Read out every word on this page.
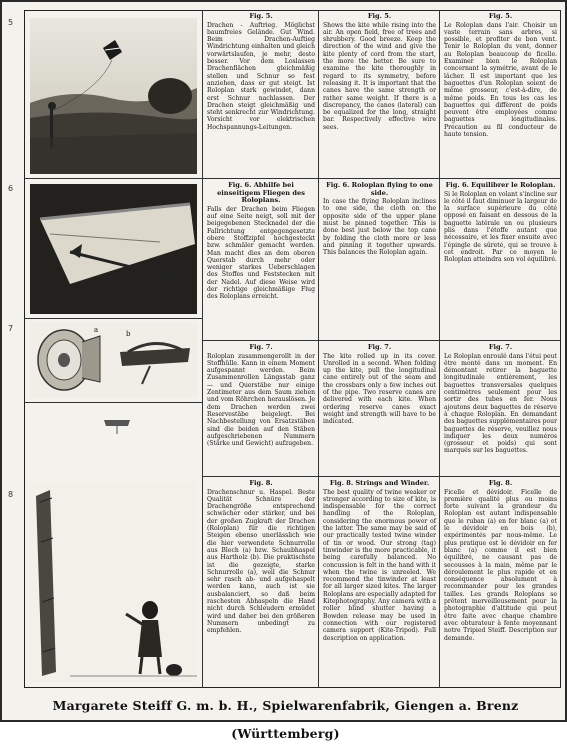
5
6
7
8
a	b
Fig. 5.
Drachen - Auftrieg. Möglichst baumfreies Gelände. Gut Wind. Beim Drachen-Auftieg Windrichtung einhalten und gleich vorwärtslaufen, je mehr, desto besser. Vor dem Loslassen Drachenflächen gleichmäßig stellen und Schnur so fest anziehen, dass er gut steigt. Ist Roloplan stark gewindet, dann erst Schnur nachlassen. Der Drachen steigt gleichmäßig und steht senkrecht zur Windrichtung. Vorsicht vor elektrischen Hochspannungs-Leitungen.
Fig. 5.
Shows the kite while rising into the air. An open field, free of trees and shrubbery. Good breeze. Keep the direction of the wind and give the kite plenty of cord from the start, the more the better. Be sure to examine the kite thoroughly in regard to its symmetry, before releasing it. It is important that the canes have the same strength or rather same weight. If there is a discrepancy, the canes (lateral) can be equalized for the long, straight bar. Respectively effective wire sees.
Fig. 5.
Le Roloplan dans l'air. Choisir un vaste terrain sans arbres, si possible, et profiter de bon vent. Tenir le Roloplan du vent, donner au Roloplan beaucoup de ficelle. Examiner bien le Roloplan concernant la symétrie, avant de le lâcher. Il est important que les baguettes d'un Roloplan soient de même grosseur, c'est-à-dire, de même poids. En tous les cas les baguettes qui diffèrent de poids peuvent être employées comme baguettes longitudinales. Précaution au fil conducteur de haute tension.
Fig. 6. Abhilfe bei einseitigem Fliegen des Roloplans.
Falls der Drachen beim Fliegen auf eine Seite neigt, soll mit der beigegebenen Stecknadel der die Fallrichtung entgegengesetzte obere Stoffzipfel hochgesteckt bzw. schmäler gemacht werden. Man macht dies an dem oberen Querstab durch mehr oder weniger starkes Ueberschlagen des Stoffes und Feststecken mit der Nadel. Auf diese Weise wird der richtige gleichmäßige Flug des Roloplans erreicht.
Fig. 6. Roloplan flying to one side.
In case the flying Roloplan inclines to one side, the cloth on the opposite side of the upper plane must be pinned together. This is done best just below the top cane by folding the cloth more or less and pinning it together upwards. This balances the Roloplan again.
Fig. 6. Equilibrer le Roloplan.
Si le Roloplan en volant s'incline sur le côté il faut diminuer la largeur de la surface supérieure du côté opposé en faisant en dessous de la baguette latérale un ou plusieurs plis dans l'étoffe autant que nécessaire, et les fixer ensuite avec l'épingle de sûreté, qui se trouve à cet endroit. Par ce moyen le Roloplan atteindra son vol équilibré.
Fig. 7.
Roloplan zusammengerollt in der Stoffhülle. Kann in einem Moment aufgespannt werden. Beim Zusammenrollen Längsstab ganz — und Querstäbe nur einige Zentimeter aus dem Saum ziehen und vom Röhrchen herauslösen. Je dem Drachen werden zwei Reservestäbe beigelegt. Bei Nachbestellung von Ersatzstäben sind die beiden auf den Stäben aufgeschriebenen Nummern (Stärke und Gewicht) aufzugeben.
Fig. 7.
The kite rolled up in its cover. Unrolled in a second. When folding up the kite, pull the longitudinal cane entirely out of the seam and the crossbars only a few inches out of the pipe. Two reserve canes are delivered with each kite. When ordering reserve canes exact weight and strength will have to be indicated.
Fig. 7.
Le Roloplan enroulé dans l'étui peut être monté dans un moment. En démontant retirer la baguette longitudinale entièrement, les baguettes transversales quelques centimètres seulement pour les sortir des tubes en fer. Nous ajoutons deux baguettes de réserve à chaque Roloplan. En demandant des baguettes supplémentaires pour baguettes de réserve, veuillez nous indiquer les deux numéros (grosseur et poids) qui sont marqués sur les baguettes.
Fig. 8.
Drachenschnur u. Haspel. Beste Qualität Schnüre der Drachengröße entsprechend schwächer oder stärker, und bei der großen Zugkraft der Drachen (Roloplan) für die richtigen Steigen ebenso unerlässlich wie die hier verwendete Schnurrolle aus Blech (a) bzw. Schaubhaspel aus Hartholz (b). Die praktischste ist die gezeigte, starke Schnurrolle (a), weil die Schnur sehr rasch ab- und aufgehaspelt werden kann, auch ist sie ausbalanciert, so daß beim raschesten Abhaspeln die Hand nicht durch Schleudern ermüdet wird und daher bei den größeren Nummern unbedingt zu empfehlen.
Fig. 8. Strings and Winder.
The best quality of twine weaker or stronger according to size of kite, is indispensable for the correct handling of the Roloplan, considering the enormous power of the latter. The same may be said of our practically tested twine winder of tin or wood. Our strong (tag) tinwinder is the more practicable, it being carefully balanced. No concussion is felt in the hand with it when the twine is unreeled. We recommend the tinwinder at least for all larger sized kites. The larger Roloplans are especially adapted for Kitephotography. Any camera with a roller blind shutter having a Bowden release may be used in connection with our registered camera support (Kite-Tripod). Full description on application.
Fig. 8.
Ficelle et dévidoir. Ficelle de première qualité plus ou moins forte suivant la grandeur du Roloplan est autant indispensable que le ruban (a) en fer blanc (a) et le dévidoir en bois (b), expérimentés par nous-même. Le plus pratique est le dévidoir en fer blanc (a) comme il est bien équilibré, ne causant pas de secousses à la main, même par le déroulement le plus rapide et en conséquence absolument à recommander pour les grandes tailles. Les grands Roloplans se prêtent merveilleusement pour la photographie d'altitude qui peut être faite avec chaque chambre avec obturateur à fente moyennant notre Tripied Steiff. Description sur demande.
Margarete Steiff G. m. b. H., Spielwarenfabrik, Giengen a. Brenz (Württemberg)
